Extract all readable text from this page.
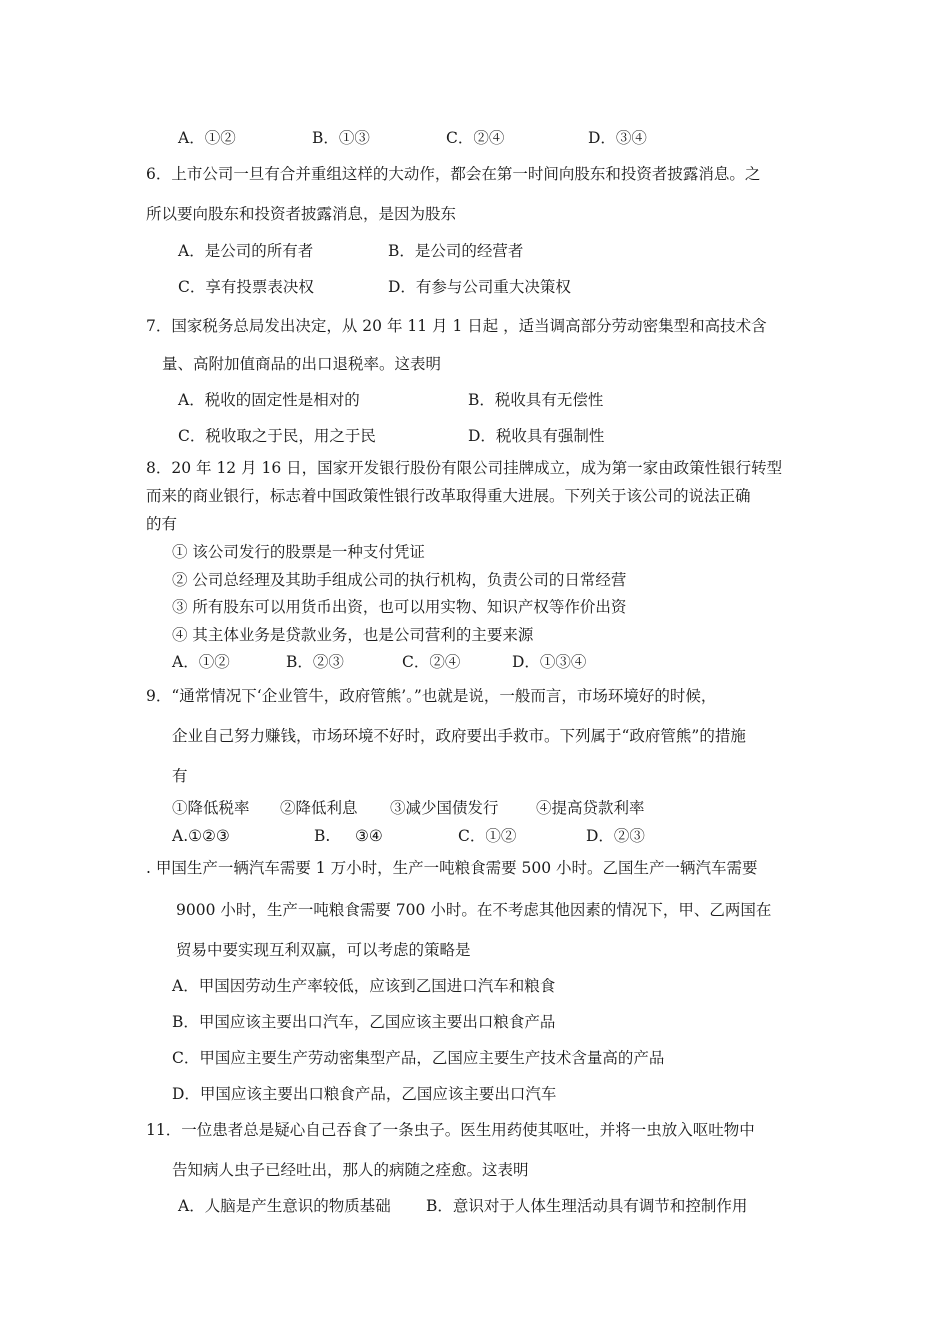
A．①②	B．①③	C．②④	D．③④
6．上市公司一旦有合并重组这样的大动作，都会在第一时间向股东和投资者披露消息。之
所以要向股东和投资者披露消息，是因为股东
A．是公司的所有者	B．是公司的经营者
C．享有投票表决权	D．有参与公司重大决策权
7．国家税务总局发出决定，从 20 年 11 月 1 日起 ，适当调高部分劳动密集型和高技术含
量、高附加值商品的出口退税率。这表明
A．税收的固定性是相对的	B．税收具有无偿性
C．税收取之于民，用之于民	D．税收具有强制性
8．20 年 12 月 16 日，国家开发银行股份有限公司挂牌成立，成为第一家由政策性银行转型
而来的商业银行，标志着中国政策性银行改革取得重大进展。下列关于该公司的说法正确
的有
① 该公司发行的股票是一种支付凭证
② 公司总经理及其助手组成公司的执行机构，负责公司的日常经营
③ 所有股东可以用货币出资，也可以用实物、知识产权等作价出资
④ 其主体业务是贷款业务，也是公司营利的主要来源
A．①②	B．②③	C．②④	D．①③④
9．“通常情况下‘企业管牛，政府管熊’。”也就是说，一般而言，市场环境好的时候，
企业自己努力赚钱，市场环境不好时，政府要出手救市。下列属于“政府管熊”的措施
有
①降低税率 ②降低利息 ③减少国债发行 ④提高贷款利率
A.①②③	B.     ③④	C．①②	D．②③
. 甲国生产一辆汽车需要 1 万小时，生产一吨粮食需要 500 小时。乙国生产一辆汽车需要
9000 小时，生产一吨粮食需要 700 小时。在不考虑其他因素的情况下，甲、乙两国在
贸易中要实现互利双赢，可以考虑的策略是
A．甲国因劳动生产率较低，应该到乙国进口汽车和粮食
B．甲国应该主要出口汽车，乙国应该主要出口粮食产品
C．甲国应主要生产劳动密集型产品，乙国应主要生产技术含量高的产品
D．甲国应该主要出口粮食产品，乙国应该主要出口汽车
11．一位患者总是疑心自己吞食了一条虫子。医生用药使其呕吐，并将一虫放入呕吐物中
告知病人虫子已经吐出，那人的病随之痊愈。这表明
A．人脑是产生意识的物质基础 B．意识对于人体生理活动具有调节和控制作用
